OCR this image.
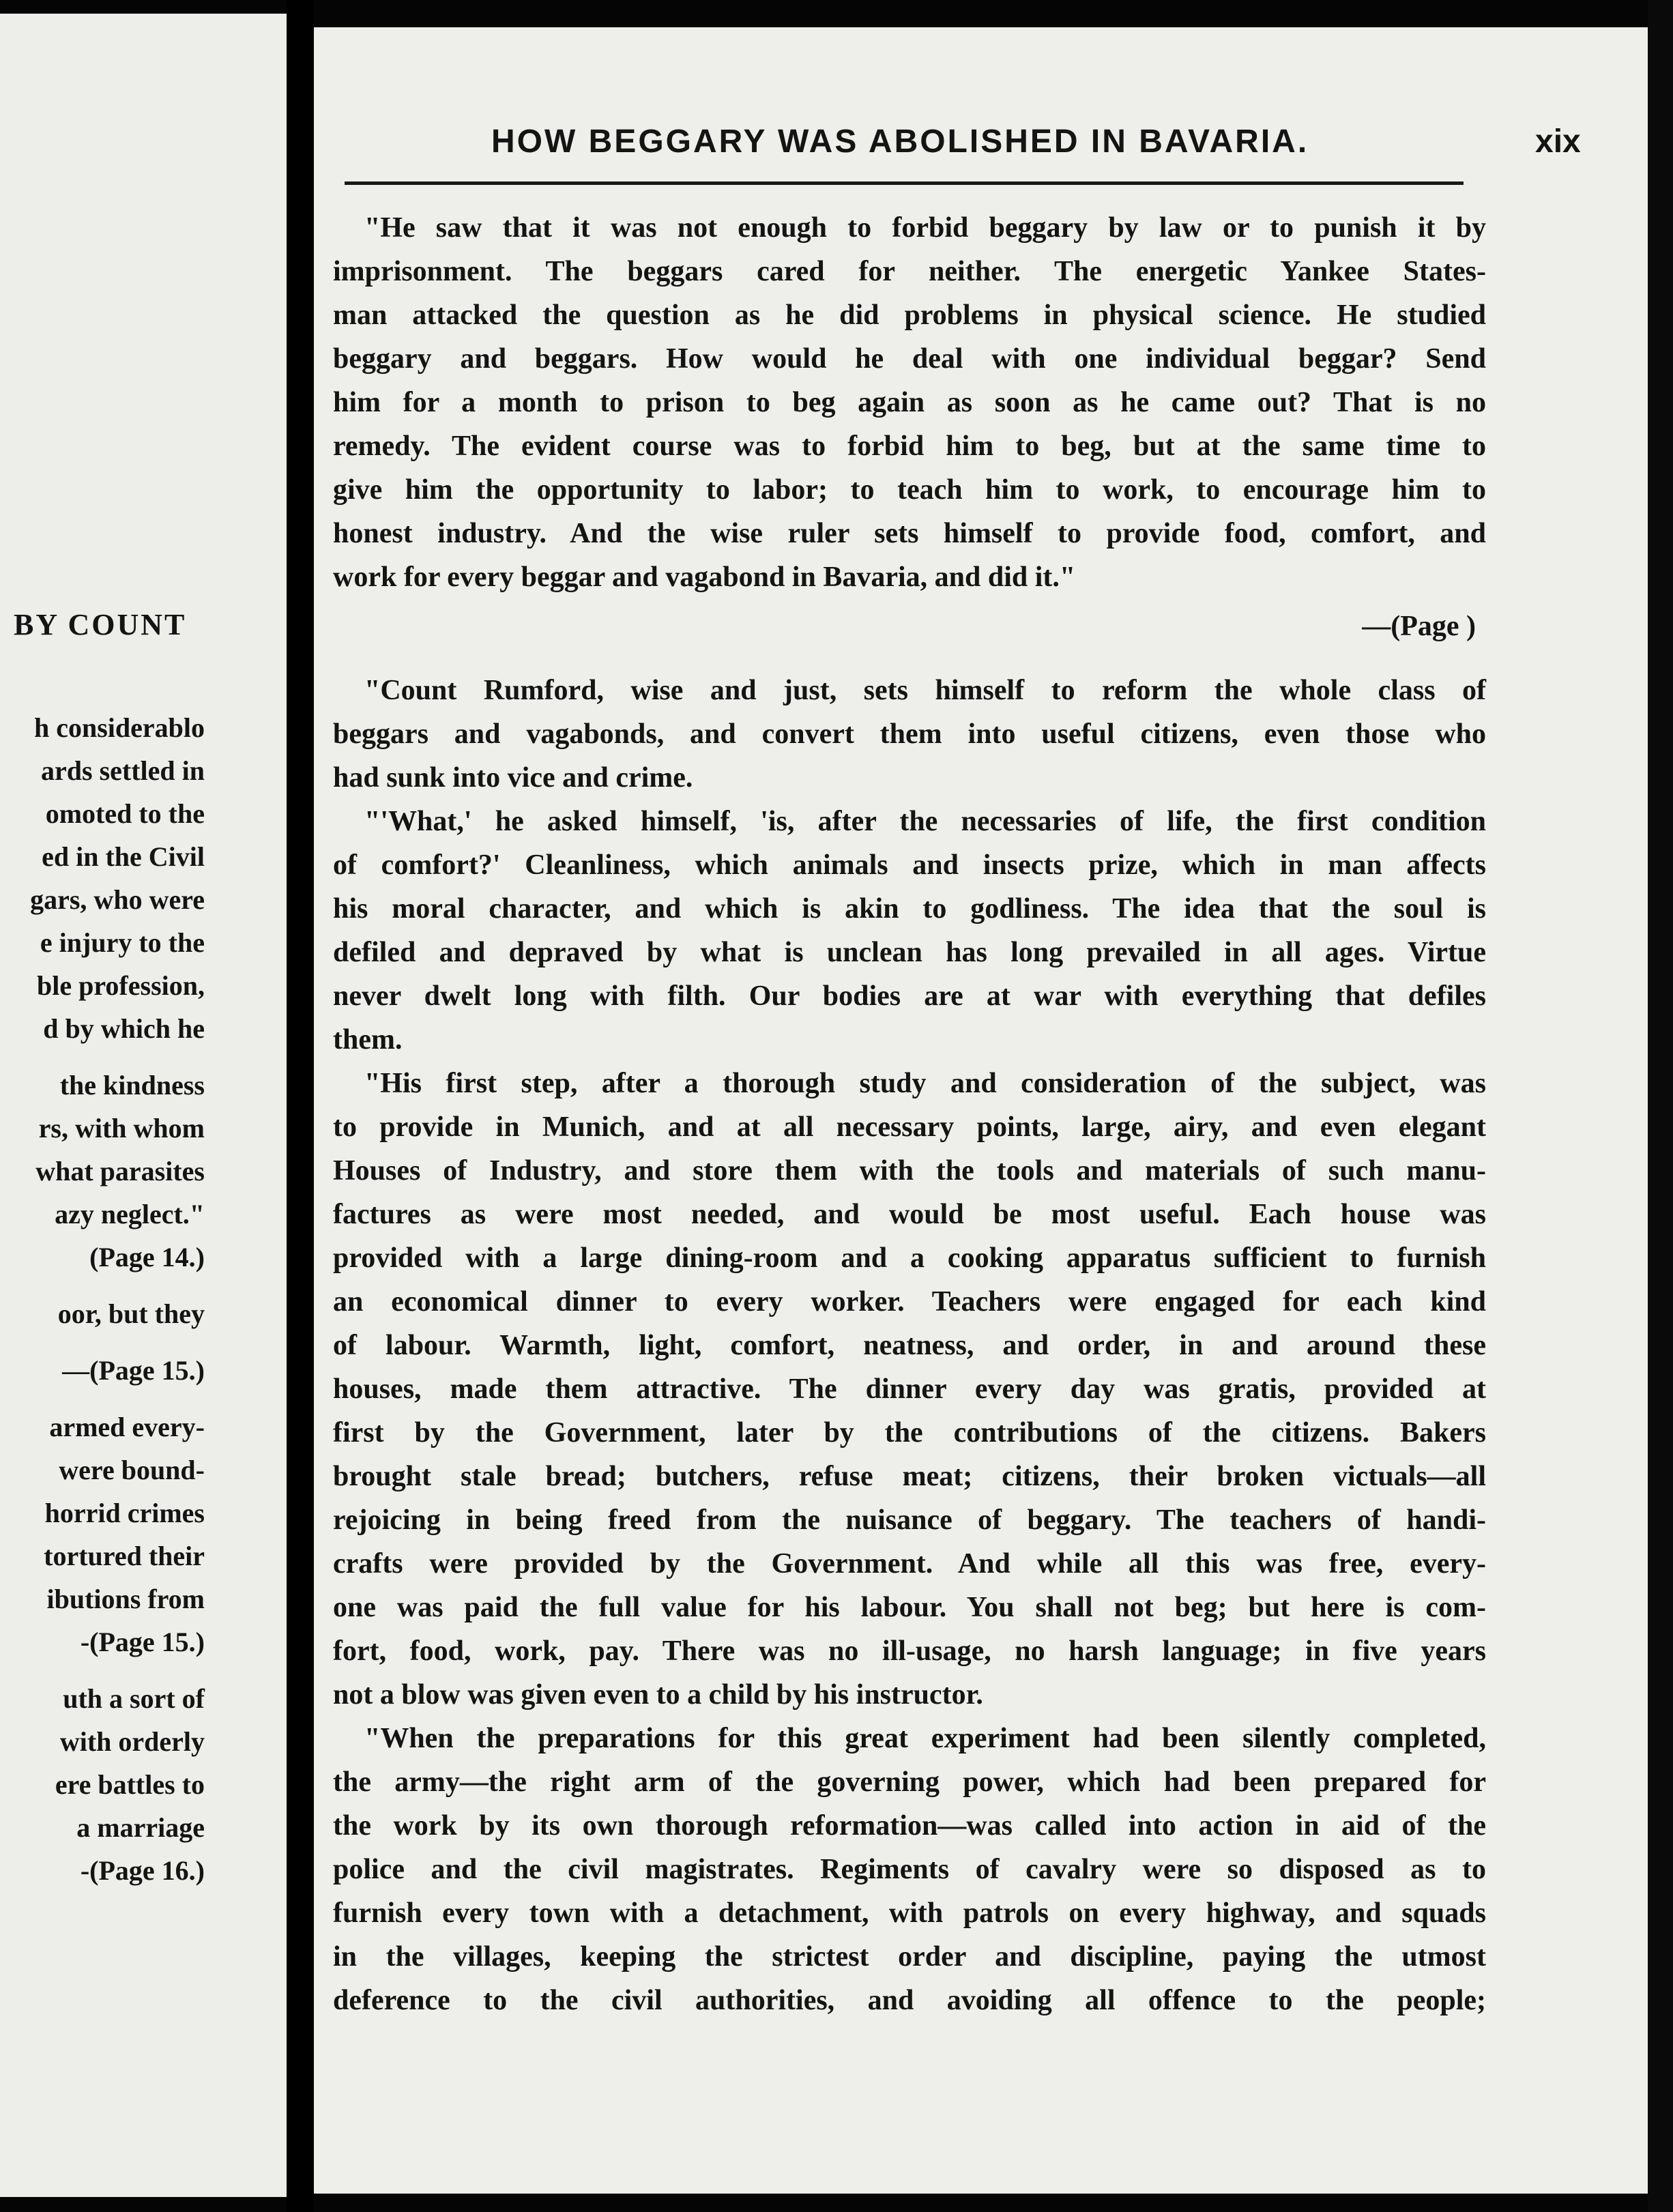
BY COUNT
h considerablo
ards settled in
omoted to the
ed in the Civil
gars, who were
e injury to the
ble profession,
d by which he
the kindness
rs, with whom
what parasites
azy neglect."
(Page 14.)
oor, but they
—(Page 15.)
armed every-
were bound-
horrid crimes
tortured their
ibutions from
-(Page 15.)
uth a sort of
with orderly
ere battles to
a marriage
-(Page 16.)
HOW BEGGARY WAS ABOLISHED IN BAVARIA.	xix
"He saw that it was not enough to forbid beggary by law or to punish it by
imprisonment. The beggars cared for neither. The energetic Yankee States-
man attacked the question as he did problems in physical science. He studied
beggary and beggars. How would he deal with one individual beggar? Send
him for a month to prison to beg again as soon as he came out? That is no
remedy. The evident course was to forbid him to beg, but at the same time to
give him the opportunity to labor; to teach him to work, to encourage him to
honest industry. And the wise ruler sets himself to provide food, comfort, and
work for every beggar and vagabond in Bavaria, and did it."
—(Page )
"Count Rumford, wise and just, sets himself to reform the whole class of
beggars and vagabonds, and convert them into useful citizens, even those who
had sunk into vice and crime.
"'What,' he asked himself, 'is, after the necessaries of life, the first condition
of comfort?' Cleanliness, which animals and insects prize, which in man affects
his moral character, and which is akin to godliness. The idea that the soul is
defiled and depraved by what is unclean has long prevailed in all ages. Virtue
never dwelt long with filth. Our bodies are at war with everything that defiles
them.
"His first step, after a thorough study and consideration of the subject, was
to provide in Munich, and at all necessary points, large, airy, and even elegant
Houses of Industry, and store them with the tools and materials of such manu-
factures as were most needed, and would be most useful. Each house was
provided with a large dining-room and a cooking apparatus sufficient to furnish
an economical dinner to every worker. Teachers were engaged for each kind
of labour. Warmth, light, comfort, neatness, and order, in and around these
houses, made them attractive. The dinner every day was gratis, provided at
first by the Government, later by the contributions of the citizens. Bakers
brought stale bread; butchers, refuse meat; citizens, their broken victuals—all
rejoicing in being freed from the nuisance of beggary. The teachers of handi-
crafts were provided by the Government. And while all this was free, every-
one was paid the full value for his labour. You shall not beg; but here is com-
fort, food, work, pay. There was no ill-usage, no harsh language; in five years
not a blow was given even to a child by his instructor.
"When the preparations for this great experiment had been silently completed,
the army—the right arm of the governing power, which had been prepared for
the work by its own thorough reformation—was called into action in aid of the
police and the civil magistrates. Regiments of cavalry were so disposed as to
furnish every town with a detachment, with patrols on every highway, and squads
in the villages, keeping the strictest order and discipline, paying the utmost
deference to the civil authorities, and avoiding all offence to the people;
